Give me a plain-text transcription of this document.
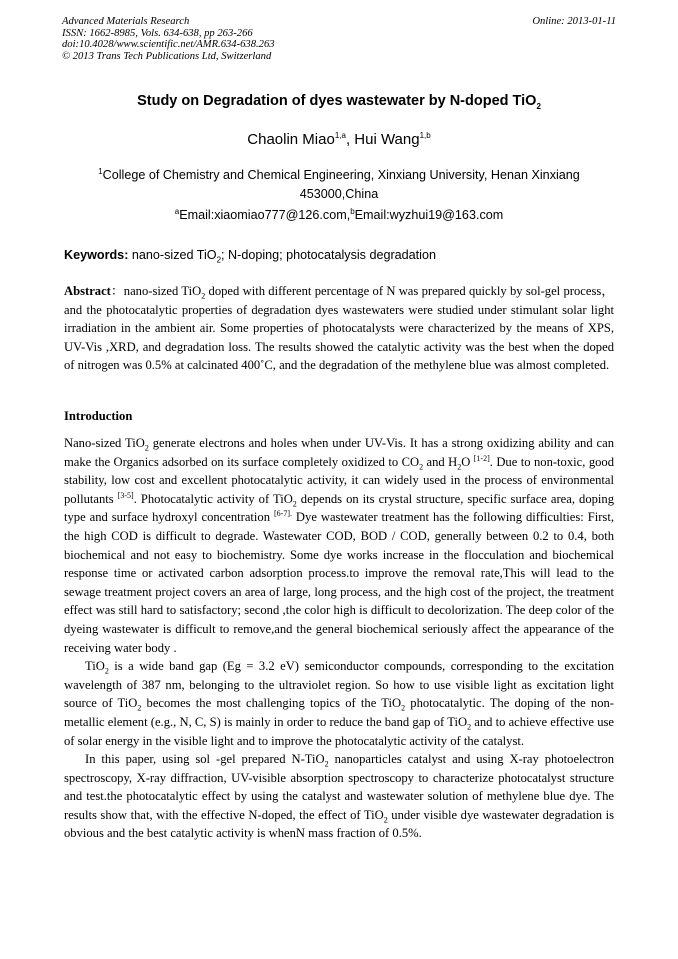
Advanced Materials Research
ISSN: 1662-8985, Vols. 634-638, pp 263-266
doi:10.4028/www.scientific.net/AMR.634-638.263
© 2013 Trans Tech Publications Ltd, Switzerland
Online: 2013-01-11
Study on Degradation of dyes wastewater by N-doped TiO$_2$
Chaolin Miao$^{1,a}$, Hui Wang$^{1,b}$
$^1$College of Chemistry and Chemical Engineering, Xinxiang University, Henan Xinxiang 453000,China
$^a$Email:xiaomiao777@126.com,$^b$Email:wyzhui19@163.com
Keywords: nano-sized TiO$_2$; N-doping; photocatalysis degradation
Abstract：nano-sized TiO$_2$ doped with different percentage of N was prepared quickly by sol-gel process，and the photocatalytic properties of degradation dyes wastewaters were studied under stimulant solar light irradiation in the ambient air. Some properties of photocatalysts were characterized by the means of XPS, UV-Vis ,XRD, and degradation loss. The results showed the catalytic activity was the best when the doped of nitrogen was 0.5% at calcinated 400˚C, and the degradation of the methylene blue was almost completed.
Introduction

Nano-sized TiO$_2$ generate electrons and holes when under UV-Vis. It has a strong oxidizing ability and can make the Organics adsorbed on its surface completely oxidized to $CO_2$ and $H_2O$ [1-2]. Due to non-toxic, good stability, low cost and excellent photocatalytic activity, it can widely used in the process of environmental pollutants [3-5]. Photocatalytic activity of TiO$_2$ depends on its crystal structure, specific surface area, doping type and surface hydroxyl concentration $^{[6-7].}$ Dye wastewater treatment has the following difficulties: First, the high COD is difficult to degrade. Wastewater COD, BOD / COD, generally between 0.2 to 0.4, both biochemical and not easy to biochemistry. Some dye works increase in the flocculation and biochemical response time or activated carbon adsorption process.to improve the removal rate,This will lead to the sewage treatment project covers an area of large, long process, and the high cost of the project, the treatment effect was still hard to satisfactory; second ,the color high is difficult to decolorization. The deep color of the dyeing wastewater is difficult to remove,and the general biochemical seriously affect the appearance of the receiving water body .

TiO$_2$ is a wide band gap (Eg = 3.2 eV) semiconductor compounds, corresponding to the excitation wavelength of 387 nm, belonging to the ultraviolet region. So how to use visible light as excitation light source of TiO$_2$ becomes the most challenging topics of the TiO$_2$ photocatalytic. The doping of the non-metallic element (e.g., N, C, S) is mainly in order to reduce the band gap of TiO$_2$ and to achieve effective use of solar energy in the visible light and to improve the photocatalytic activity of the catalyst.

In this paper, using sol -gel prepared N-TiO$_2$ nanoparticles catalyst and using X-ray photoelectron spectroscopy, X-ray diffraction, UV-visible absorption spectroscopy to characterize photocatalyst structure and test.the photocatalytic effect by using the catalyst and wastewater solution of methylene blue dye. The results show that, with the effective N-doped, the effect of TiO$_2$ under visible dye wastewater degradation is obvious and the best catalytic activity is whenN mass fraction of 0.5%.
